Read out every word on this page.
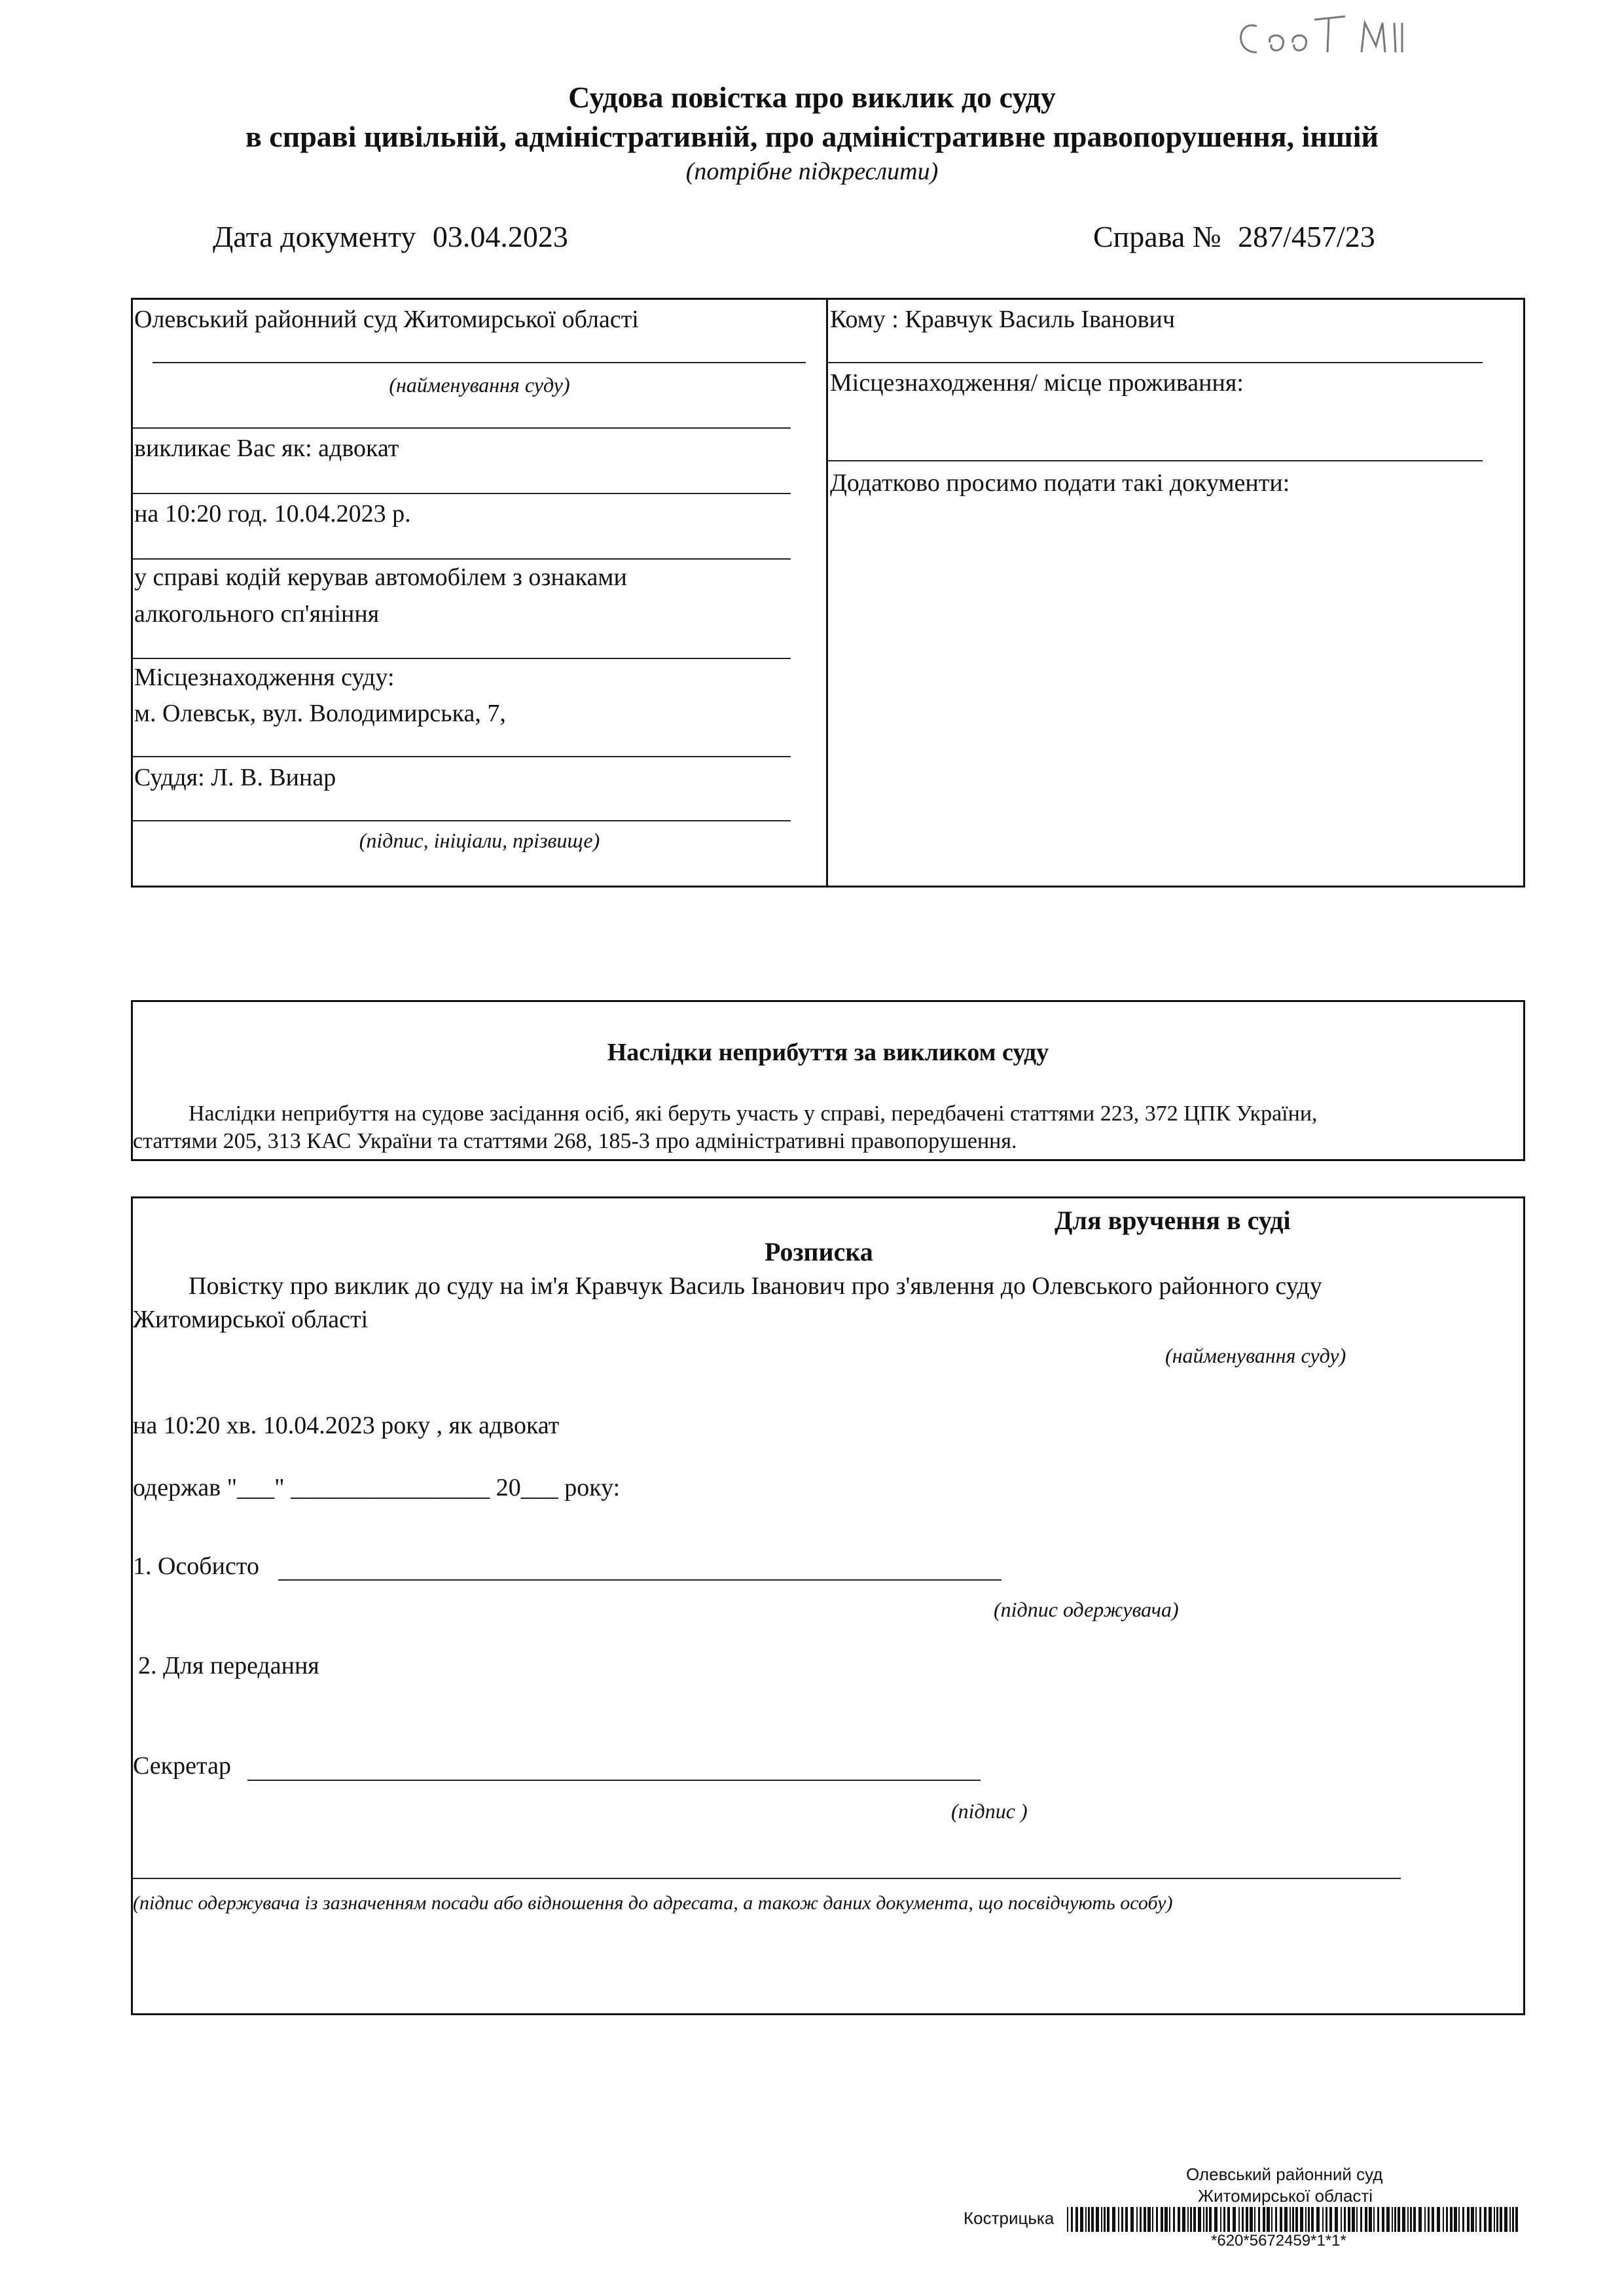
Судова повістка про виклик до суду
в справі цивільній, адміністративній, про адміністративне правопорушення, іншій
(потрібне підкреслити)
Дата документу 03.04.2023	Справа № 287/457/23
Олевський районний суд Житомирської області
(найменування суду)
викликає Вас як: адвокат
на 10:20 год. 10.04.2023 р.
у справі кодій керував автомобілем з ознаками
алкогольного сп'яніння
Місцезнаходження суду:
м. Олевськ, вул. Володимирська, 7,
Суддя: Л. В. Винар
(підпис, ініціали, прізвище)
Кому : Кравчук Василь Іванович
Місцезнаходження/ місце проживання:
Додатково просимо подати такі документи:
Наслідки неприбуття за викликом суду
Наслідки неприбуття на судове засідання осіб, які беруть участь у справі, передбачені статтями 223, 372 ЦПК України,
статтями 205, 313 КАС України та статтями 268, 185-3 про адміністративні правопорушення.
Для вручення в суді
Розписка
Повістку про виклик до суду на ім'я Кравчук Василь Іванович про з'явлення до Олевського районного суду
Житомирської області
(найменування суду)
на 10:20 хв. 10.04.2023 року , як адвокат
одержав "___" ________________ 20___ року:
1. Особисто
(підпис одержувача)
2. Для передання
Секретар
(підпис )
(підпис одержувача із зазначенням посади або відношення до адресата, а також даних документа, що посвідчують особу)
Олевський районний суд
Житомирської області
Кострицька
*620*5672459*1*1*
